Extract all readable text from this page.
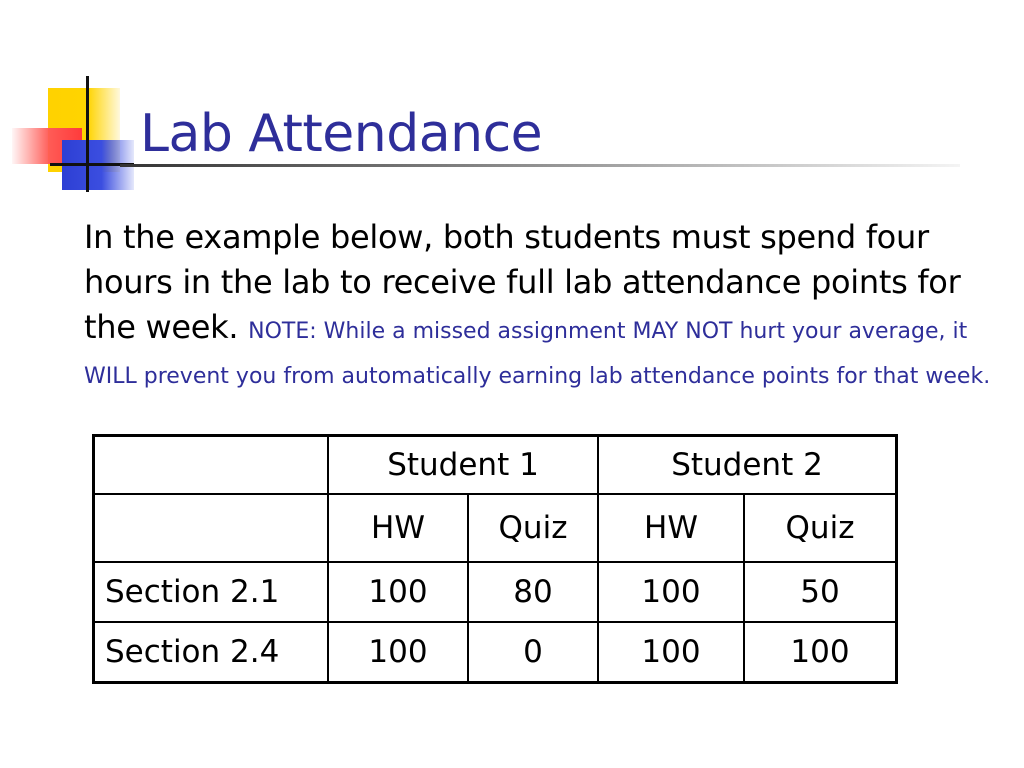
Lab Attendance

In the example below, both students must spend four hours in the lab to receive full lab attendance points for the week. NOTE: While a missed assignment MAY NOT hurt your average, it WILL prevent you from automatically earning lab attendance points for that week.

	Student 1		Student 2	
	HW	Quiz	HW	Quiz
Section 2.1	100	80	100	50
Section 2.4	100	0	100	100
